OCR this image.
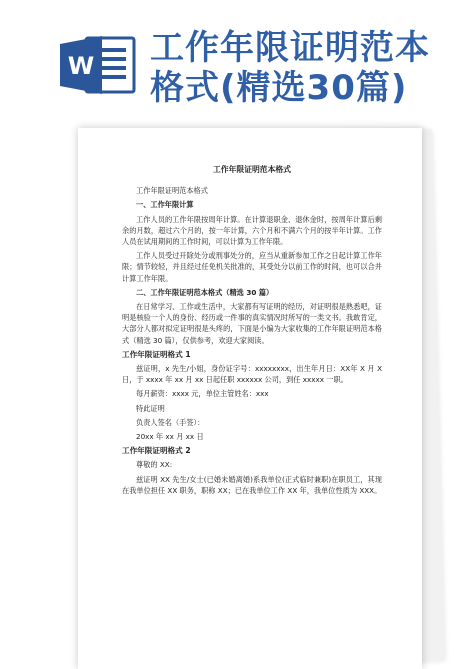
W 工作年限证明范本
格式(精选30篇)
工作年限证明范本格式
工作年限证明范本格式
一、工作年限计算
工作人员的工作年限按周年计算。在计算退职金、退休金时，按周年计算后剩余的月数，超过六个月的，按一年计算，六个月和不满六个月的按半年计算。工作人员在试用期间的工作时间，可以计算为工作年限。
工作人员受过开除处分或刑事处分的，应当从重新参加工作之日起计算工作年限；情节较轻，并且经过任免机关批准的，其受处分以前工作的时间，也可以合并计算工作年限。
二、工作年限证明范本格式（精选 30 篇）
在日常学习、工作或生活中，大家都有写证明的经历，对证明很是熟悉吧，证明是核验一个人的身份、经历或一件事的真实情况时所写的一类文书。我敢肯定，大部分人都对拟定证明很是头疼的，下面是小编为大家收集的工作年限证明范本格式（精选 30 篇），仅供参考，欢迎大家阅读。
工作年限证明格式 1
兹证明，x 先生/小姐，身份证字号：xxxxxxxx，出生年月日：XX年 X 月 X 日，于 xxxx 年 xx 月 xx 日起任职 xxxxxx 公司，到任 xxxxx 一职。
每月薪资：xxxx 元，单位主管姓名：xxx
特此证明
负责人签名（手签）：
20xx 年 xx 月 xx 日
工作年限证明格式 2
尊敬的 XX:
兹证明 XX 先生/女士(已婚未婚离婚)系我单位(正式临时兼职)在职员工，其现在我单位担任 XX 职务，职称 XX；已在我单位工作 XX 年，我单位性质为 XXX。
